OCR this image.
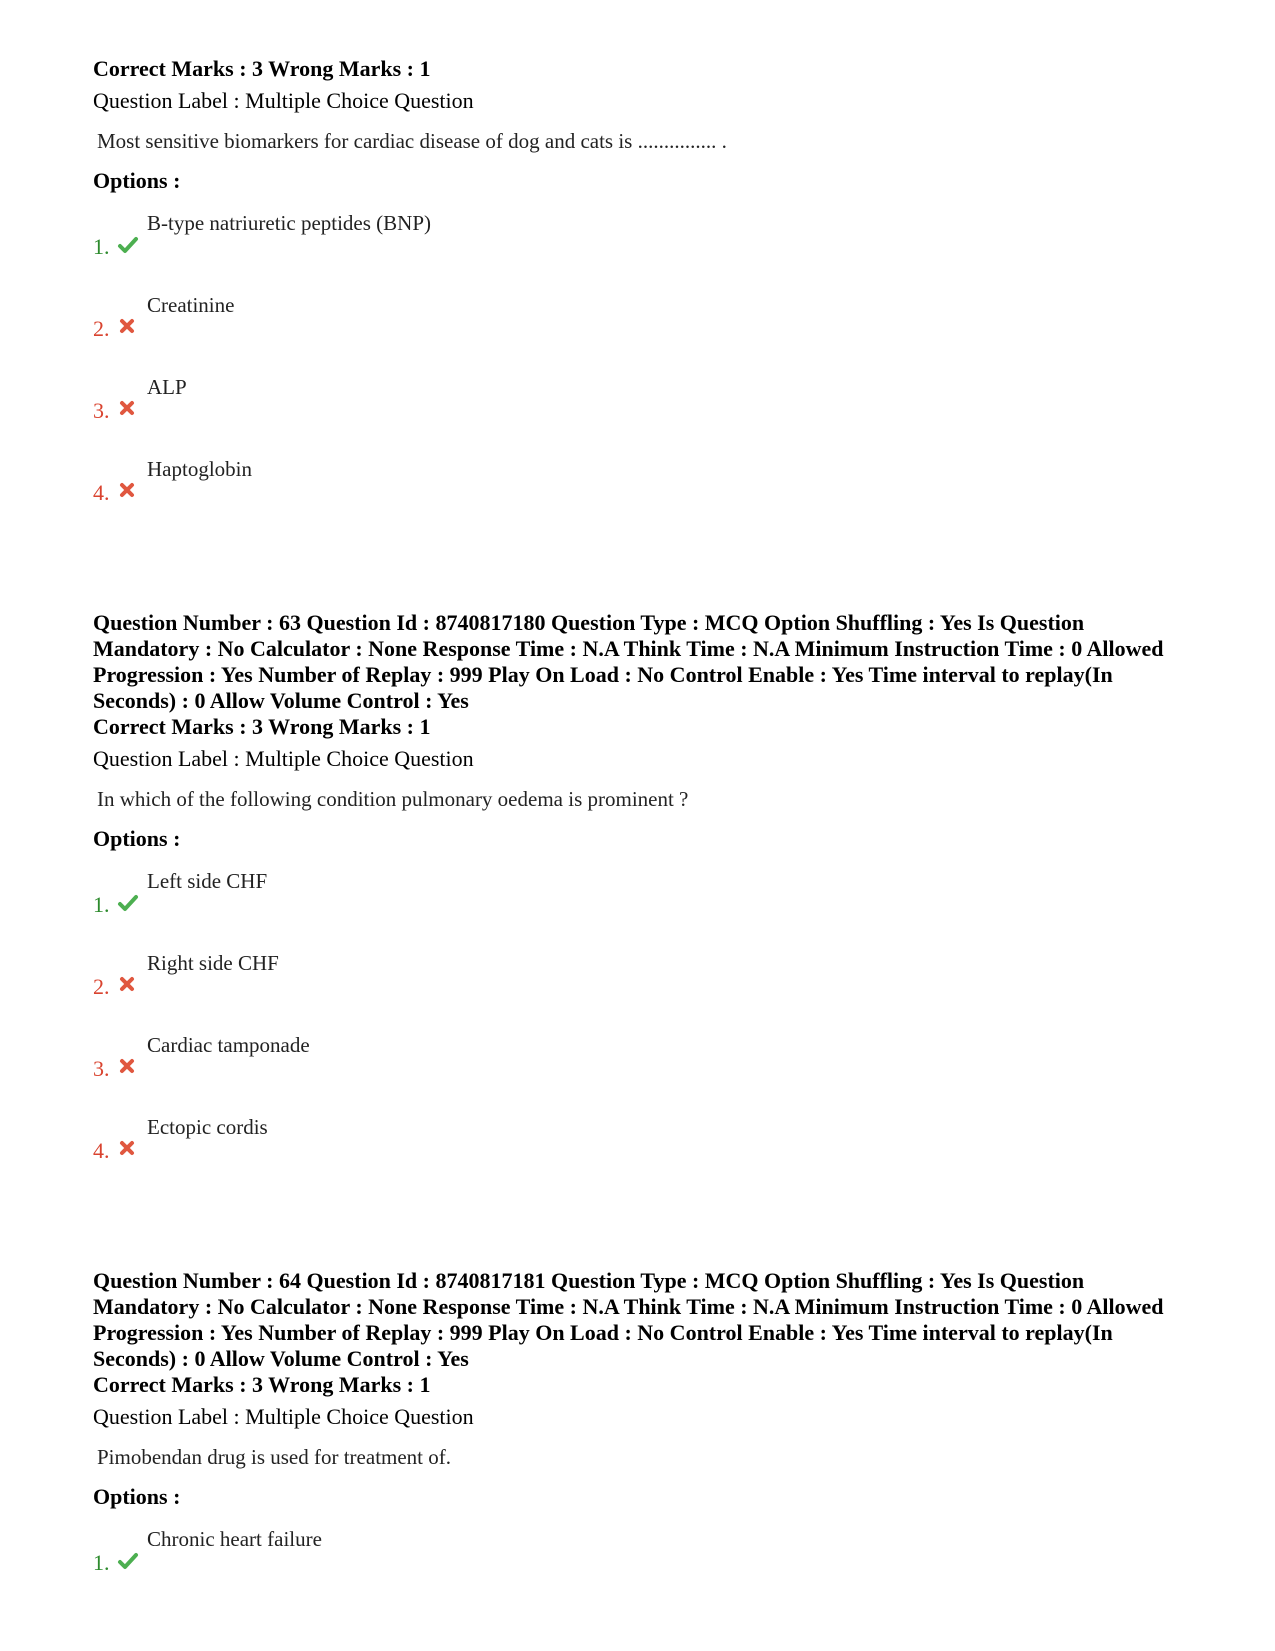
Correct Marks : 3 Wrong Marks : 1
Question Label : Multiple Choice Question
Most sensitive biomarkers for cardiac disease of dog and cats is ............... .
Options :
1.
B-type natriuretic peptides (BNP)
2.
Creatinine
3.
ALP
4.
Haptoglobin

Question Number : 63 Question Id : 8740817180 Question Type : MCQ Option Shuffling : Yes Is Question Mandatory : No Calculator : None Response Time : N.A Think Time : N.A Minimum Instruction Time : 0 Allowed Progression : Yes Number of Replay : 999 Play On Load : No Control Enable : Yes Time interval to replay(In Seconds) : 0 Allow Volume Control : Yes

Correct Marks : 3 Wrong Marks : 1
Question Label : Multiple Choice Question
In which of the following condition pulmonary oedema is prominent ?
Options :
1.
Left side CHF
2.
Right side CHF
3.
Cardiac tamponade
4.
Ectopic cordis

Question Number : 64 Question Id : 8740817181 Question Type : MCQ Option Shuffling : Yes Is Question Mandatory : No Calculator : None Response Time : N.A Think Time : N.A Minimum Instruction Time : 0 Allowed Progression : Yes Number of Replay : 999 Play On Load : No Control Enable : Yes Time interval to replay(In Seconds) : 0 Allow Volume Control : Yes

Correct Marks : 3 Wrong Marks : 1
Question Label : Multiple Choice Question
Pimobendan drug is used for treatment of.
Options :
1.
Chronic heart failure
